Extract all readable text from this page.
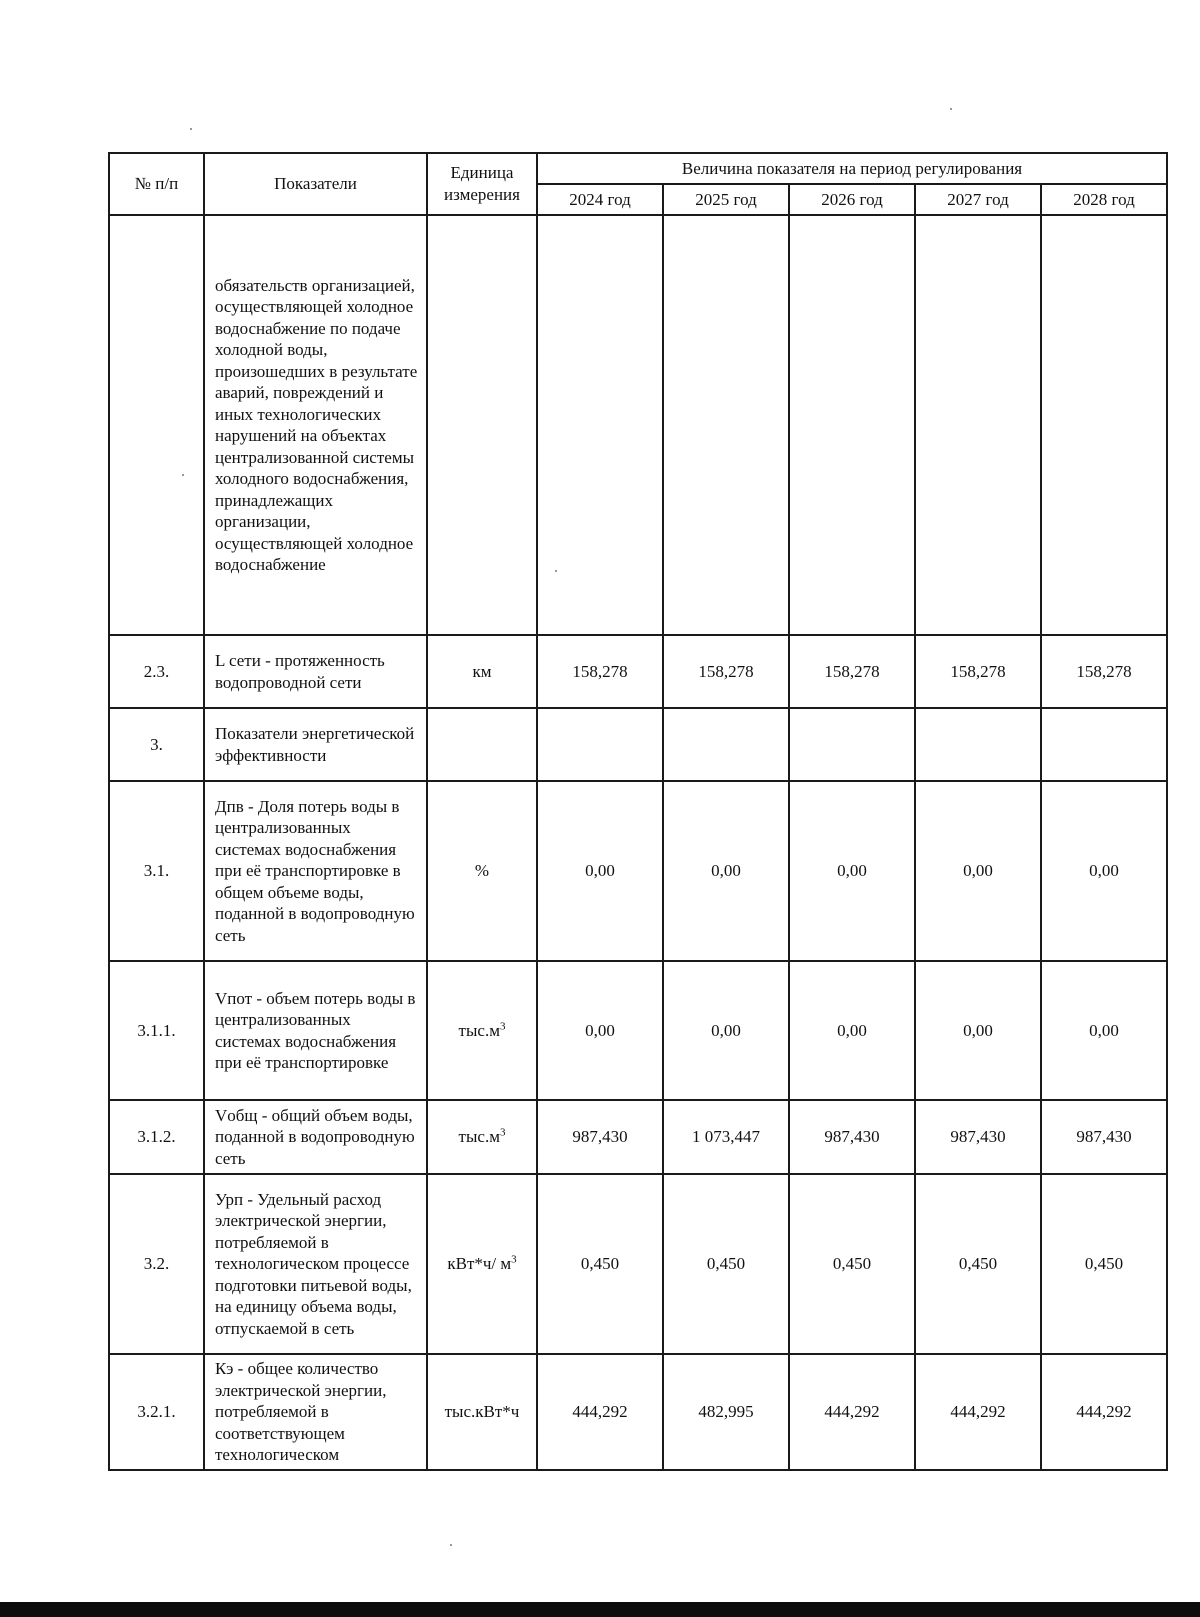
№ п/п	Показатели	Единица измерения	Величина показателя на период регулирования				
			2024 год	2025 год	2026 год	2027 год	2028 год
	обязательств организацией, осуществляющей холодное водоснабжение по подаче холодной воды, произошедших в результате аварий, повреждений и иных технологических нарушений на объектах централизованной системы холодного водоснабжения, принадлежащих организации, осуществляющей холодное водоснабжение						
2.3.	L сети - протяженность водопроводной сети	км	158,278	158,278	158,278	158,278	158,278
3.	Показатели энергетической эффективности						
3.1.	Дпв - Доля потерь воды в централизованных системах водоснабжения при её транспортировке в общем объеме воды, поданной в водопроводную сеть	%	0,00	0,00	0,00	0,00	0,00
3.1.1.	Vпот - объем потерь воды в централизованных системах водоснабжения при её транспортировке	$тыс.м^3$	0,00	0,00	0,00	0,00	0,00
3.1.2.	Vобщ - общий объем воды, поданной в водопроводную сеть	$тыс.м^3$	987,430	1 073,447	987,430	987,430	987,430
3.2.	Урп - Удельный расход электрической энергии, потребляемой в технологическом процессе подготовки питьевой воды, на единицу объема воды, отпускаемой в сеть	кВт*ч/ $м^3$	0,450	0,450	0,450	0,450	0,450
3.2.1.	Кэ - общее количество электрической энергии, потребляемой в соответствующем технологическом	тыс.кВт*ч	444,292	482,995	444,292	444,292	444,292
